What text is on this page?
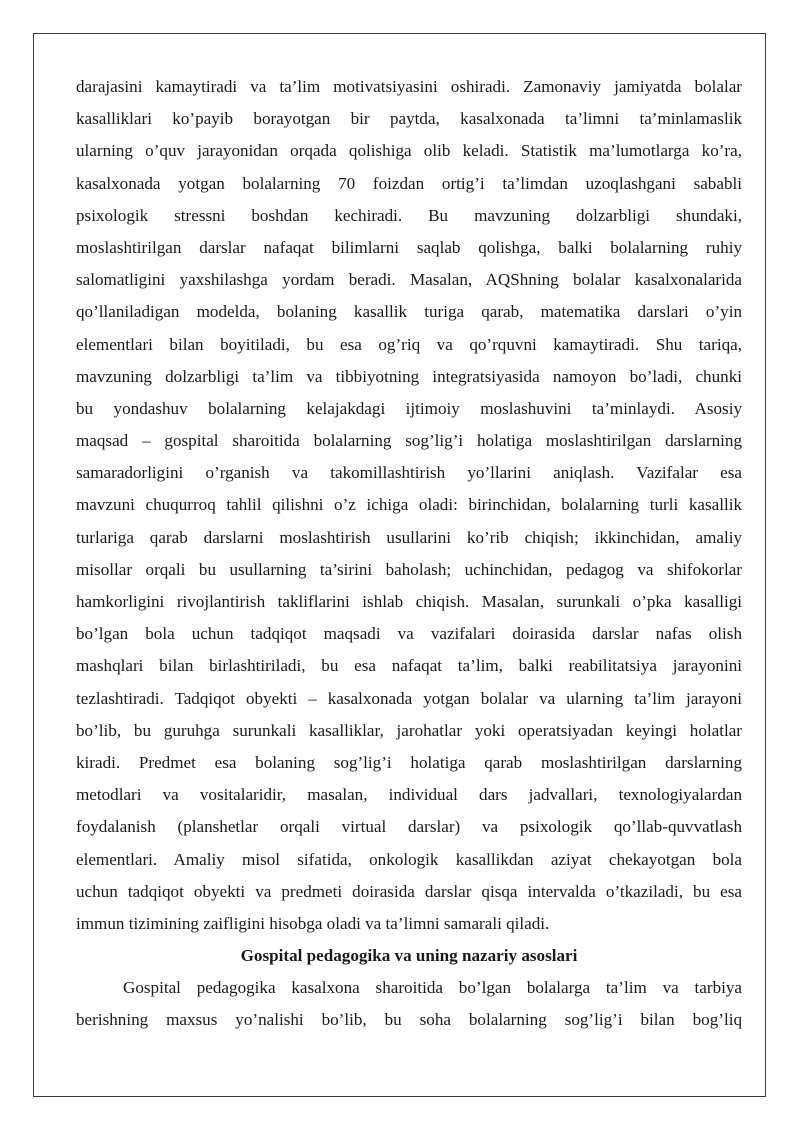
darajasini kamaytiradi va ta’lim motivatsiyasini oshiradi. Zamonaviy jamiyatda bolalar
kasalliklari ko’payib borayotgan bir paytda, kasalxonada ta’limni ta’minlamaslik
ularning o’quv jarayonidan orqada qolishiga olib keladi. Statistik ma’lumotlarga ko’ra,
kasalxonada yotgan bolalarning 70 foizdan ortig’i ta’limdan uzoqlashgani sababli
psixologik stressni boshdan kechiradi. Bu mavzuning dolzarbligi shundaki,
moslashtirilgan darslar nafaqat bilimlarni saqlab qolishga, balki bolalarning ruhiy
salomatligini yaxshilashga yordam beradi. Masalan, AQShning bolalar kasalxonalarida
qo’llaniladigan modelda, bolaning kasallik turiga qarab, matematika darslari o’yin
elementlari bilan boyitiladi, bu esa og’riq va qo’rquvni kamaytiradi. Shu tariqa,
mavzuning dolzarbligi ta’lim va tibbiyotning integratsiyasida namoyon bo’ladi, chunki
bu yondashuv bolalarning kelajakdagi ijtimoiy moslashuvini ta’minlaydi. Asosiy
maqsad – gospital sharoitida bolalarning sog’lig’i holatiga moslashtirilgan darslarning
samaradorligini o’rganish va takomillashtirish yo’llarini aniqlash. Vazifalar esa
mavzuni chuqurroq tahlil qilishni o’z ichiga oladi: birinchidan, bolalarning turli kasallik
turlariga qarab darslarni moslashtirish usullarini ko’rib chiqish; ikkinchidan, amaliy
misollar orqali bu usullarning ta’sirini baholash; uchinchidan, pedagog va shifokorlar
hamkorligini rivojlantirish takliflarini ishlab chiqish. Masalan, surunkali o’pka kasalligi
bo’lgan bola uchun tadqiqot maqsadi va vazifalari doirasida darslar nafas olish
mashqlari bilan birlashtiriladi, bu esa nafaqat ta’lim, balki reabilitatsiya jarayonini
tezlashtiradi. Tadqiqot obyekti – kasalxonada yotgan bolalar va ularning ta’lim jarayoni
bo’lib, bu guruhga surunkali kasalliklar, jarohatlar yoki operatsiyadan keyingi holatlar
kiradi. Predmet esa bolaning sog’lig’i holatiga qarab moslashtirilgan darslarning
metodlari va vositalaridir, masalan, individual dars jadvallari, texnologiyalardan
foydalanish (planshetlar orqali virtual darslar) va psixologik qo’llab-quvvatlash
elementlari. Amaliy misol sifatida, onkologik kasallikdan aziyat chekayotgan bola
uchun tadqiqot obyekti va predmeti doirasida darslar qisqa intervalda o’tkaziladi, bu esa
immun tizimining zaifligini hisobga oladi va ta’limni samarali qiladi.
Gospital pedagogika va uning nazariy asoslari
Gospital pedagogika kasalxona sharoitida bo’lgan bolalarga ta’lim va tarbiya
berishning maxsus yo’nalishi bo’lib, bu soha bolalarning sog’lig’i bilan bog’liq
